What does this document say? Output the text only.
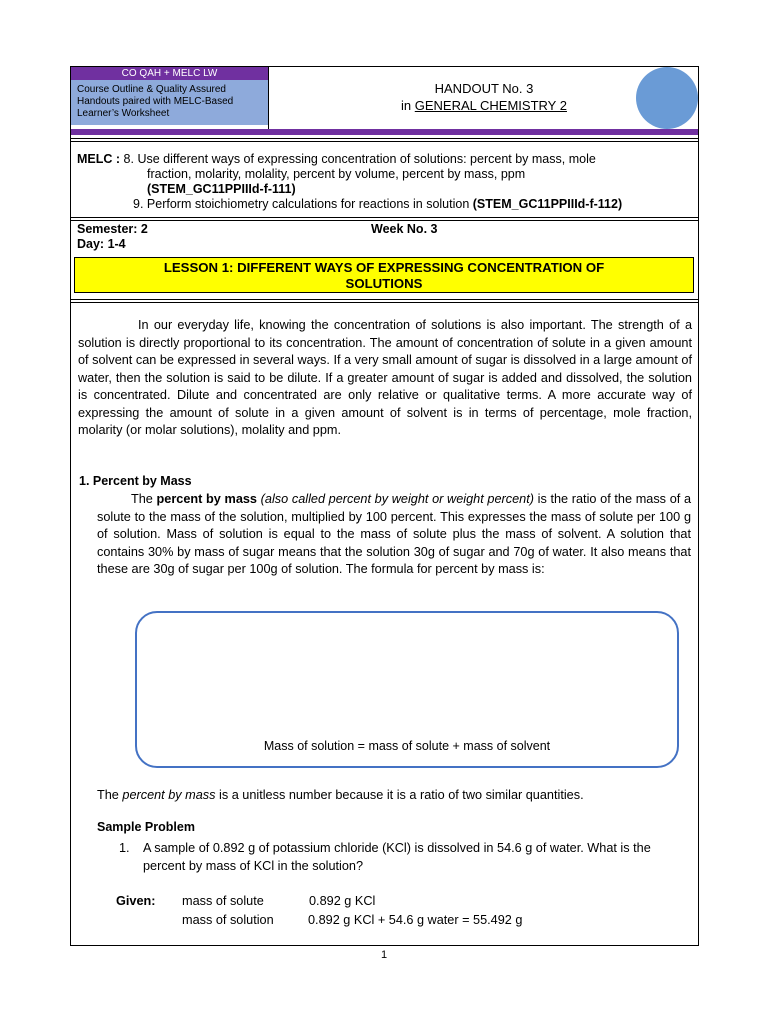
CO QAH + MELC LW
Course Outline & Quality Assured Handouts paired with MELC-Based Learner’s Worksheet
HANDOUT No. 3
in GENERAL CHEMISTRY 2
MELC : 8. Use different ways of expressing concentration of solutions: percent by mass, mole
fraction, molarity, molality, percent by volume, percent by mass, ppm
(STEM_GC11PPIIId-f-111)
9. Perform stoichiometry calculations for reactions in solution (STEM_GC11PPIIId-f-112)
Semester: 2
Day: 1-4
Week No. 3
LESSON 1: DIFFERENT WAYS OF EXPRESSING CONCENTRATION OF
SOLUTIONS
In our everyday life, knowing the concentration of solutions is also important. The strength of a solution is directly proportional to its concentration. The amount of concentration of solute in a given amount of solvent can be expressed in several ways. If a very small amount of sugar is dissolved in a large amount of water, then the solution is said to be dilute. If a greater amount of sugar is added and dissolved, the solution is concentrated. Dilute and concentrated are only relative or qualitative terms. A more accurate way of expressing the amount of solute in a given amount of solvent is in terms of percentage, mole fraction, molarity (or molar solutions), molality and ppm.
1. Percent by Mass
The percent by mass (also called percent by weight or weight percent) is the ratio of the mass of a solute to the mass of the solution, multiplied by 100 percent. This expresses the mass of solute per 100 g of solution. Mass of solution is equal to the mass of solute plus the mass of solvent. A solution that contains 30% by mass of sugar means that the solution 30g of sugar and 70g of water. It also means that these are 30g of sugar per 100g of solution. The formula for percent by mass is:
Mass of solution = mass of solute + mass of solvent
The percent by mass is a unitless number because it is a ratio of two similar quantities.
Sample Problem
1. A sample of 0.892 g of potassium chloride (KCl) is dissolved in 54.6 g of water. What is the percent by mass of KCl in the solution?
Given: mass of solute	0.892 g KCl
mass of solution	0.892 g KCl + 54.6 g water = 55.492 g
1
